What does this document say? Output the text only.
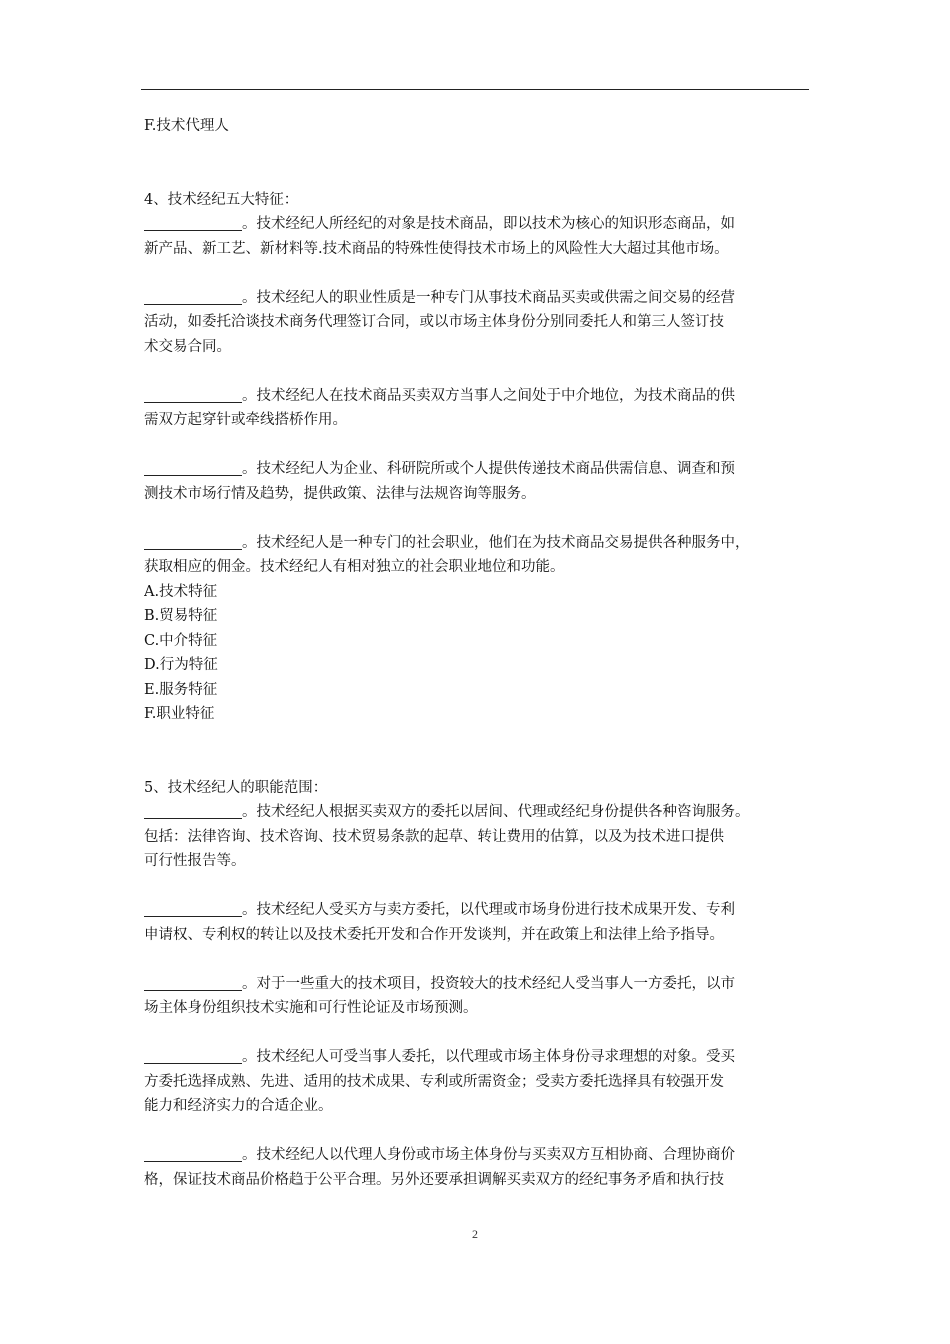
F.技术代理人
4、技术经纪五大特征：
。技术经纪人所经纪的对象是技术商品，即以技术为核心的知识形态商品，如
新产品、新工艺、新材料等.技术商品的特殊性使得技术市场上的风险性大大超过其他市场。
。技术经纪人的职业性质是一种专门从事技术商品买卖或供需之间交易的经营
活动，如委托洽谈技术商务代理签订合同，或以市场主体身份分别同委托人和第三人签订技
术交易合同。
。技术经纪人在技术商品买卖双方当事人之间处于中介地位，为技术商品的供
需双方起穿针或牵线搭桥作用。
。技术经纪人为企业、科研院所或个人提供传递技术商品供需信息、调查和预
测技术市场行情及趋势，提供政策、法律与法规咨询等服务。
。技术经纪人是一种专门的社会职业，他们在为技术商品交易提供各种服务中，
获取相应的佣金。技术经纪人有相对独立的社会职业地位和功能。
A.技术特征
B.贸易特征
C.中介特征
D.行为特征
E.服务特征
F.职业特征
5、技术经纪人的职能范围：
。技术经纪人根据买卖双方的委托以居间、代理或经纪身份提供各种咨询服务。
包括：法律咨询、技术咨询、技术贸易条款的起草、转让费用的估算，以及为技术进口提供
可行性报告等。
。技术经纪人受买方与卖方委托，以代理或市场身份进行技术成果开发、专利
申请权、专利权的转让以及技术委托开发和合作开发谈判，并在政策上和法律上给予指导。
。对于一些重大的技术项目，投资较大的技术经纪人受当事人一方委托，以市
场主体身份组织技术实施和可行性论证及市场预测。
。技术经纪人可受当事人委托，以代理或市场主体身份寻求理想的对象。受买
方委托选择成熟、先进、适用的技术成果、专利或所需资金；受卖方委托选择具有较强开发
能力和经济实力的合适企业。
。技术经纪人以代理人身份或市场主体身份与买卖双方互相协商、合理协商价
格，保证技术商品价格趋于公平合理。另外还要承担调解买卖双方的经纪事务矛盾和执行技
2
